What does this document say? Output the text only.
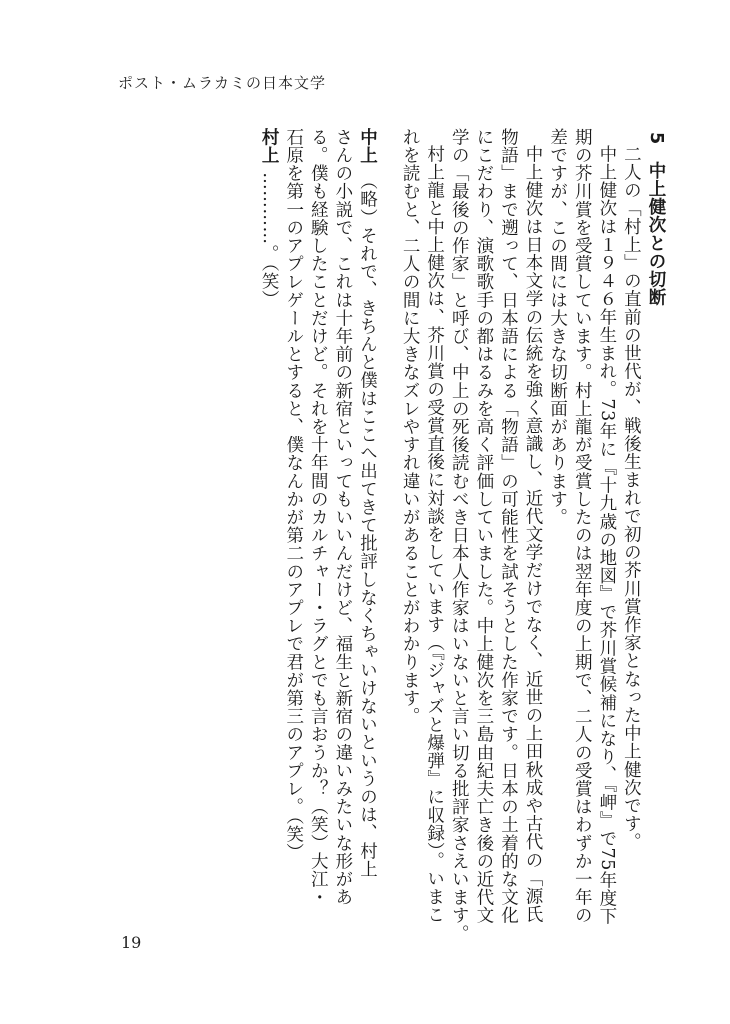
ポスト・ムラカミの日本文学
5 中上健次との切断
二人の「村上」の直前の世代が、戦後生まれで初の芥川賞作家となった中上健次です。
中上健次は１９４６年生まれ。73年に『十九歳の地図』で芥川賞候補になり、『岬』で75年度下
期の芥川賞を受賞しています。村上龍が受賞したのは翌年度の上期で、二人の受賞はわずか一年の
差ですが、この間には大きな切断面があります。
中上健次は日本文学の伝統を強く意識し、近代文学だけでなく、近世の上田秋成や古代の「源氏
物語」まで遡って、日本語による「物語」の可能性を試そうとした作家です。日本の土着的な文化
にこだわり、演歌歌手の都はるみを高く評価していました。中上健次を三島由紀夫亡き後の近代文
学の「最後の作家」と呼び、中上の死後読むべき日本人作家はいないと言い切る批評家さえいます。
村上龍と中上健次は、芥川賞の受賞直後に対談をしています（『ジャズと爆弾』に収録）。いまこ
れを読むと、二人の間に大きなズレやすれ違いがあることがわかります。
中上（略）それで、きちんと僕はここへ出てきて批評しなくちゃいけないというのは、村上
さんの小説で、これは十年前の新宿といってもいいんだけど、福生と新宿の違いみたいな形があ
る。僕も経験したことだけど。それを十年間のカルチャー・ラグとでも言おうか？（笑）大江・
石原を第一のアプレゲールとすると、僕なんかが第二のアプレで君が第三のアプレ。（笑）
村上…………。（笑）
19
